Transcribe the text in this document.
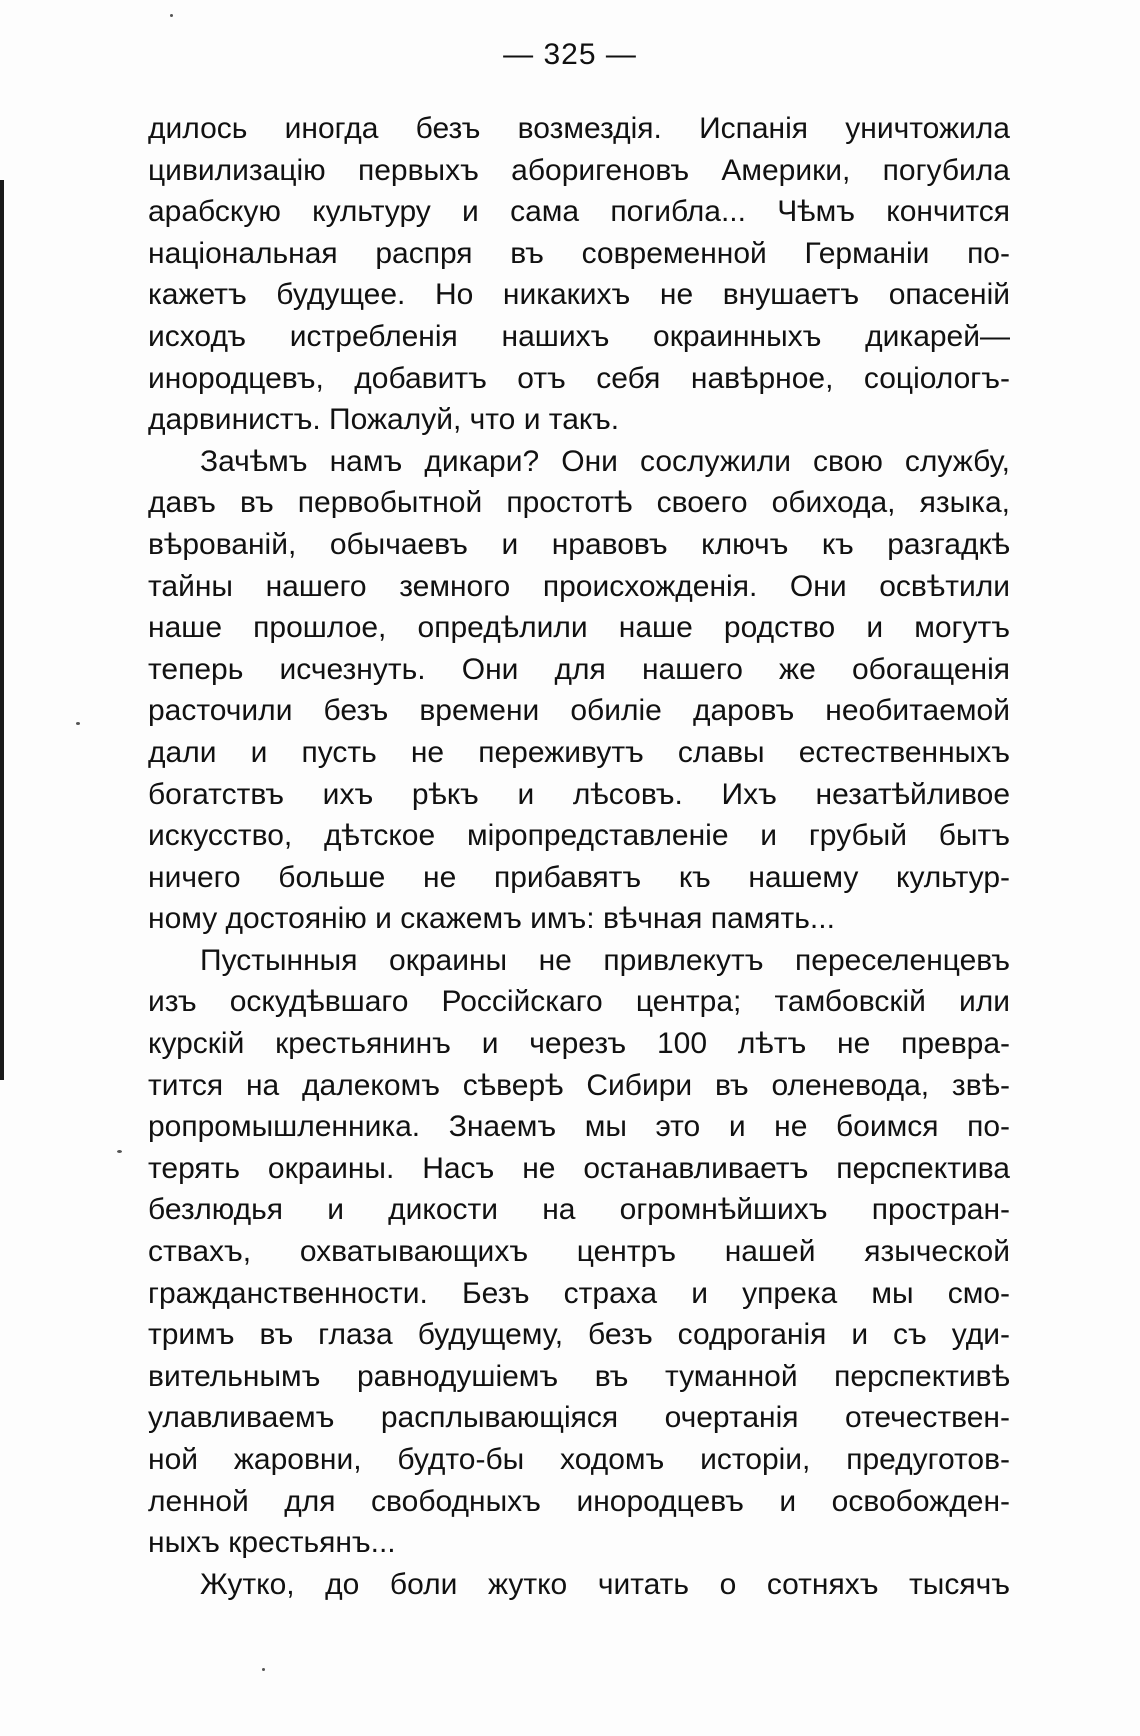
— 325 —
дилось иногда безъ возмездія. Испанія уничтожила
цивилизацію первыхъ аборигеновъ Америки, погубила
арабскую культуру и сама погибла... Чѣмъ кончится
національная распря въ современной Германіи по-
кажетъ будущее. Но никакихъ не внушаетъ опасеній
исходъ истребленія нашихъ окраинныхъ дикарей—
инородцевъ, добавитъ отъ себя навѣрное, соціологъ-
дарвинистъ. Пожалуй, что и такъ.
Зачѣмъ намъ дикари? Они сослужили свою службу,
давъ въ первобытной простотѣ своего обихода, языка,
вѣрованій, обычаевъ и нравовъ ключъ къ разгадкѣ
тайны нашего земного происхожденія. Они освѣтили
наше прошлое, опредѣлили наше родство и могутъ
теперь исчезнуть. Они для нашего же обогащенія
расточили безъ времени обиліе даровъ необитаемой
дали и пусть не переживутъ славы естественныхъ
богатствъ ихъ рѣкъ и лѣсовъ. Ихъ незатѣйливое
искусство, дѣтское міропредставленіе и грубый бытъ
ничего больше не прибавятъ къ нашему культур-
ному достоянію и скажемъ имъ: вѣчная память...
Пустынныя окраины не привлекутъ переселенцевъ
изъ оскудѣвшаго Россійскаго центра; тамбовскій или
курскій крестьянинъ и черезъ 100 лѣтъ не превра-
тится на далекомъ сѣверѣ Сибири въ оленевода, звѣ-
ропромышленника. Знаемъ мы это и не боимся по-
терять окраины. Насъ не останавливаетъ перспектива
безлюдья и дикости на огромнѣйшихъ простран-
ствахъ, охватывающихъ центръ нашей языческой
гражданственности. Безъ страха и упрека мы смо-
тримъ въ глаза будущему, безъ содроганія и съ уди-
вительнымъ равнодушіемъ въ туманной перспективѣ
улавливаемъ расплывающіяся очертанія отечествен-
ной жаровни, будто-бы ходомъ исторіи, предуготов-
ленной для свободныхъ инородцевъ и освобожден-
ныхъ крестьянъ...
Жутко, до боли жутко читать о сотняхъ тысячъ
